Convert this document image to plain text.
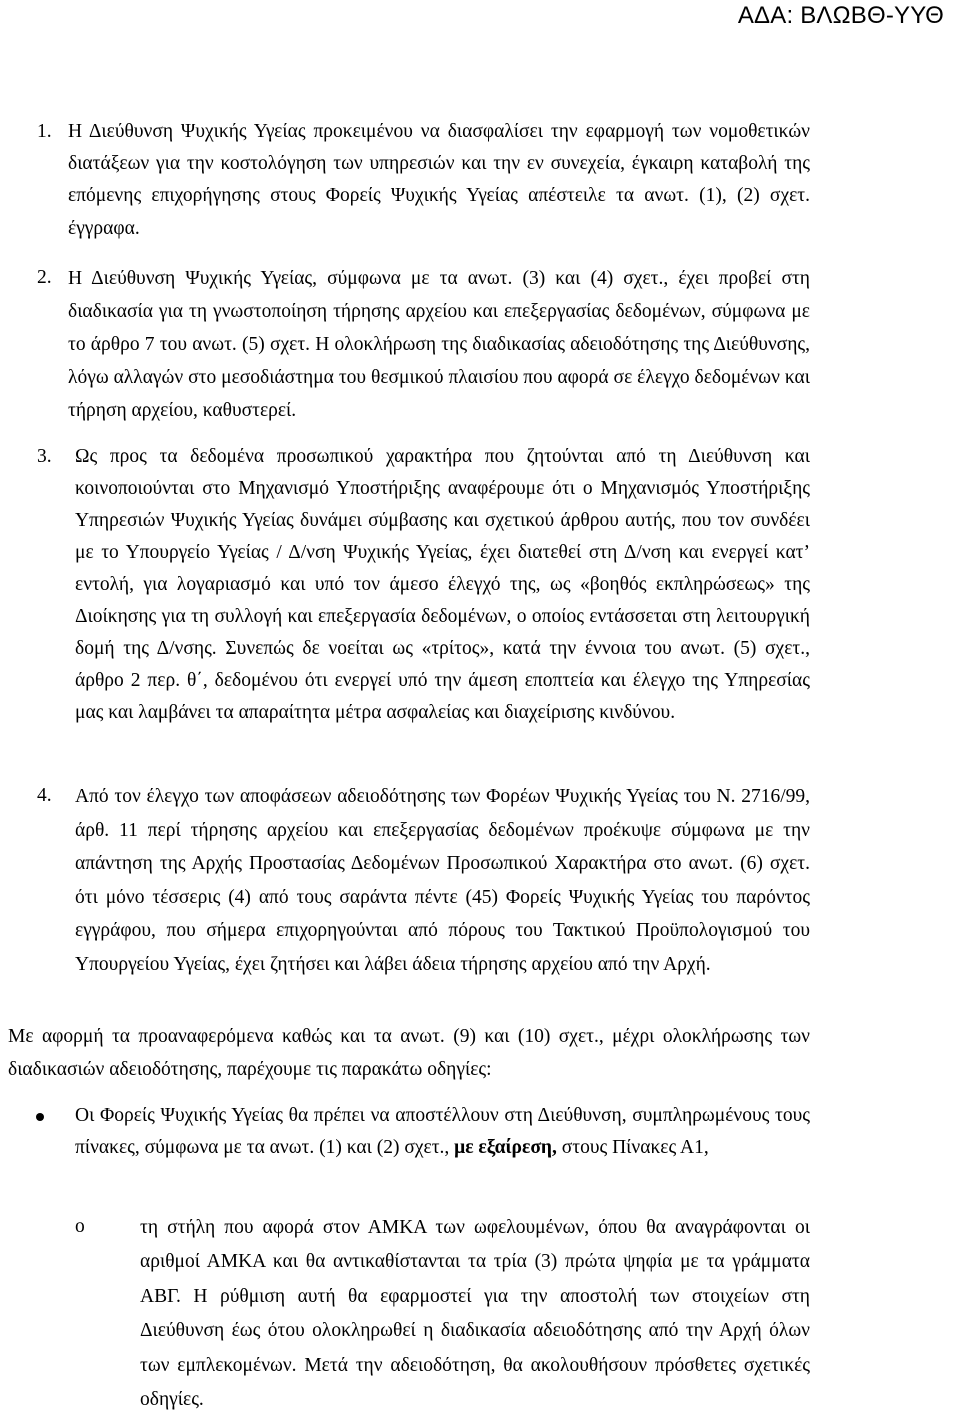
ΑΔΑ: ΒΛΩΒΘ-ΥΥΘ
1. Η Διεύθυνση Ψυχικής Υγείας προκειμένου να διασφαλίσει την εφαρμογή των νομοθετικών διατάξεων για την κοστολόγηση των υπηρεσιών και την εν συνεχεία, έγκαιρη καταβολή της επόμενης επιχορήγησης στους Φορείς Ψυχικής Υγείας απέστειλε τα ανωτ. (1), (2) σχετ. έγγραφα.
2. Η Διεύθυνση Ψυχικής Υγείας, σύμφωνα με τα ανωτ. (3) και (4) σχετ., έχει προβεί στη διαδικασία για τη γνωστοποίηση τήρησης αρχείου και επεξεργασίας δεδομένων, σύμφωνα με το άρθρο 7 του ανωτ. (5) σχετ. Η ολοκλήρωση της διαδικασίας αδειοδότησης της Διεύθυνσης, λόγω αλλαγών στο μεσοδιάστημα του θεσμικού πλαισίου που αφορά σε έλεγχο δεδομένων και τήρηση αρχείου, καθυστερεί.
3. Ως προς τα δεδομένα προσωπικού χαρακτήρα που ζητούνται από τη Διεύθυνση και κοινοποιούνται στο Μηχανισμό Υποστήριξης αναφέρουμε ότι ο Μηχανισμός Υποστήριξης Υπηρεσιών Ψυχικής Υγείας δυνάμει σύμβασης και σχετικού άρθρου αυτής, που τον συνδέει με το Υπουργείο Υγείας / Δ/νση Ψυχικής Υγείας, έχει διατεθεί στη Δ/νση και ενεργεί κατ’ εντολή, για λογαριασμό και υπό τον άμεσο έλεγχό της, ως «βοηθός εκπληρώσεως» της Διοίκησης για τη συλλογή και επεξεργασία δεδομένων, ο οποίος εντάσσεται στη λειτουργική δομή της Δ/νσης. Συνεπώς δε νοείται ως «τρίτος», κατά την έννοια του ανωτ. (5) σχετ., άρθρο 2 περ. θ΄, δεδομένου ότι ενεργεί υπό την άμεση εποπτεία και έλεγχο της Υπηρεσίας μας και λαμβάνει τα απαραίτητα μέτρα ασφαλείας και διαχείρισης κινδύνου.
4. Από τον έλεγχο των αποφάσεων αδειοδότησης των Φορέων Ψυχικής Υγείας του Ν. 2716/99, άρθ. 11 περί τήρησης αρχείου και επεξεργασίας δεδομένων προέκυψε σύμφωνα με την απάντηση της Αρχής Προστασίας Δεδομένων Προσωπικού Χαρακτήρα στο ανωτ. (6) σχετ. ότι μόνο τέσσερις (4) από τους σαράντα πέντε (45) Φορείς Ψυχικής Υγείας του παρόντος εγγράφου, που σήμερα επιχορηγούνται από πόρους του Τακτικού Προϋπολογισμού του Υπουργείου Υγείας, έχει ζητήσει και λάβει άδεια τήρησης αρχείου από την Αρχή.
Με αφορμή τα προαναφερόμενα καθώς και τα ανωτ. (9) και (10) σχετ., μέχρι ολοκλήρωσης των διαδικασιών αδειοδότησης, παρέχουμε τις παρακάτω οδηγίες:
Οι Φορείς Ψυχικής Υγείας θα πρέπει να αποστέλλουν στη Διεύθυνση, συμπληρωμένους τους πίνακες, σύμφωνα με τα ανωτ. (1) και (2) σχετ., με εξαίρεση, στους Πίνακες Α1,
o	τη στήλη που αφορά στον ΑΜΚΑ των ωφελουμένων, όπου θα αναγράφονται οι αριθμοί ΑΜΚΑ και θα αντικαθίστανται τα τρία (3) πρώτα ψηφία με τα γράμματα ΑΒΓ. Η ρύθμιση αυτή θα εφαρμοστεί για την αποστολή των στοιχείων στη Διεύθυνση έως ότου ολοκληρωθεί η διαδικασία αδειοδότησης από την Αρχή όλων των εμπλεκομένων. Μετά την αδειοδότηση, θα ακολουθήσουν πρόσθετες σχετικές οδηγίες.
